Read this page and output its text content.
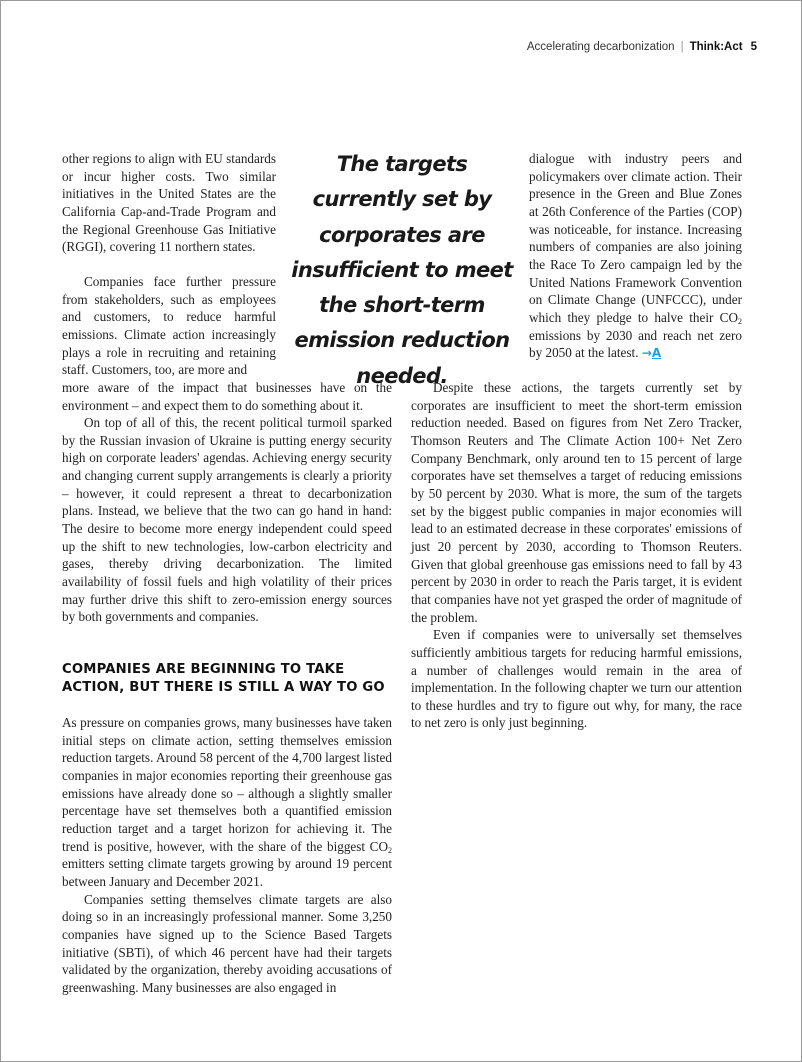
Accelerating decarbonization | Think:Act 5

other regions to align with EU standards or incur higher costs. Two similar initiatives in the United States are the California Cap-and-Trade Program and the Regional Greenhouse Gas Initiative (RGGI), covering 11 northern states.

Companies face further pressure from stakeholders, such as employees and customers, to reduce harmful emissions. Climate action increasingly plays a role in recruiting and retaining staff. Customers, too, are more and

more aware of the impact that businesses have on the environment – and expect them to do something about it.

On top of all of this, the recent political turmoil sparked by the Russian invasion of Ukraine is putting energy security high on corporate leaders' agendas. Achieving energy security and changing current supply arrangements is clearly a priority – however, it could represent a threat to decarbonization plans. Instead, we believe that the two can go hand in hand: The desire to become more energy independent could speed up the shift to new technologies, low-carbon electricity and gases, thereby driving decarbonization. The limited availability of fossil fuels and high volatility of their prices may further drive this shift to zero-emission energy sources by both governments and companies.

COMPANIES ARE BEGINNING TO TAKE
ACTION, BUT THERE IS STILL A WAY TO GO

As pressure on companies grows, many businesses have taken initial steps on climate action, setting themselves emission reduction targets. Around 58 percent of the 4,700 largest listed companies in major economies reporting their greenhouse gas emissions have already done so – although a slightly smaller percentage have set themselves both a quantified emission reduction target and a target horizon for achieving it. The trend is positive, however, with the share of the biggest $CO_2$ emitters setting climate targets growing by around 19 percent between January and December 2021.

Companies setting themselves climate targets are also doing so in an increasingly professional manner. Some 3,250 companies have signed up to the Science Based Targets initiative (SBTi), of which 46 percent have had their targets validated by the organization, thereby avoiding accusations of greenwashing. Many businesses are also engaged in

The targets currently set by corporates are insufficient to meet the short-term emission reduction needed.

dialogue with industry peers and policymakers over climate action. Their presence in the Green and Blue Zones at 26th Conference of the Parties (COP) was noticeable, for instance. Increasing numbers of companies are also joining the Race To Zero campaign led by the United Nations Framework Convention on Climate Change (UNFCCC), under which they pledge to halve their $CO_2$ emissions by 2030 and reach net zero by 2050 at the latest. →A

Despite these actions, the targets currently set by corporates are insufficient to meet the short-term emission reduction needed. Based on figures from Net Zero Tracker, Thomson Reuters and The Climate Action 100+ Net Zero Company Benchmark, only around ten to 15 percent of large corporates have set themselves a target of reducing emissions by 50 percent by 2030. What is more, the sum of the targets set by the biggest public companies in major economies will lead to an estimated decrease in these corporates' emissions of just 20 percent by 2030, according to Thomson Reuters. Given that global greenhouse gas emissions need to fall by 43 percent by 2030 in order to reach the Paris target, it is evident that companies have not yet grasped the order of magnitude of the problem.

Even if companies were to universally set themselves sufficiently ambitious targets for reducing harmful emissions, a number of challenges would remain in the area of implementation. In the following chapter we turn our attention to these hurdles and try to figure out why, for many, the race to net zero is only just beginning.
